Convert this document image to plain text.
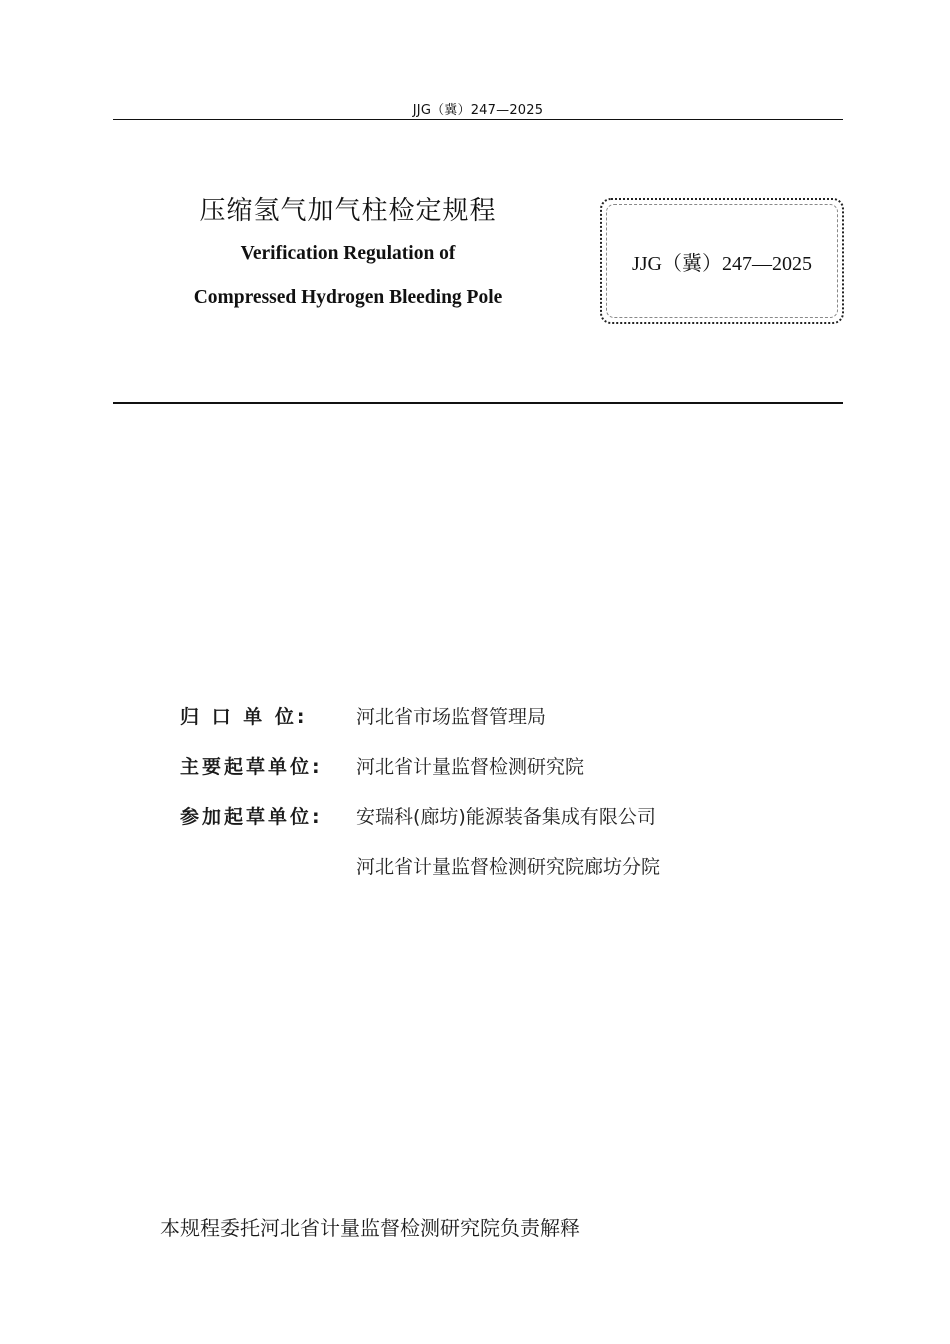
JJG（冀）247—2025
压缩氢气加气柱检定规程
Verification Regulation of
Compressed Hydrogen Bleeding Pole
JJG（冀）247—2025
归 口 单 位:	河北省市场监督管理局
主要起草单位:	河北省计量监督检测研究院
参加起草单位:	安瑞科(廊坊)能源装备集成有限公司
河北省计量监督检测研究院廊坊分院
本规程委托河北省计量监督检测研究院负责解释
